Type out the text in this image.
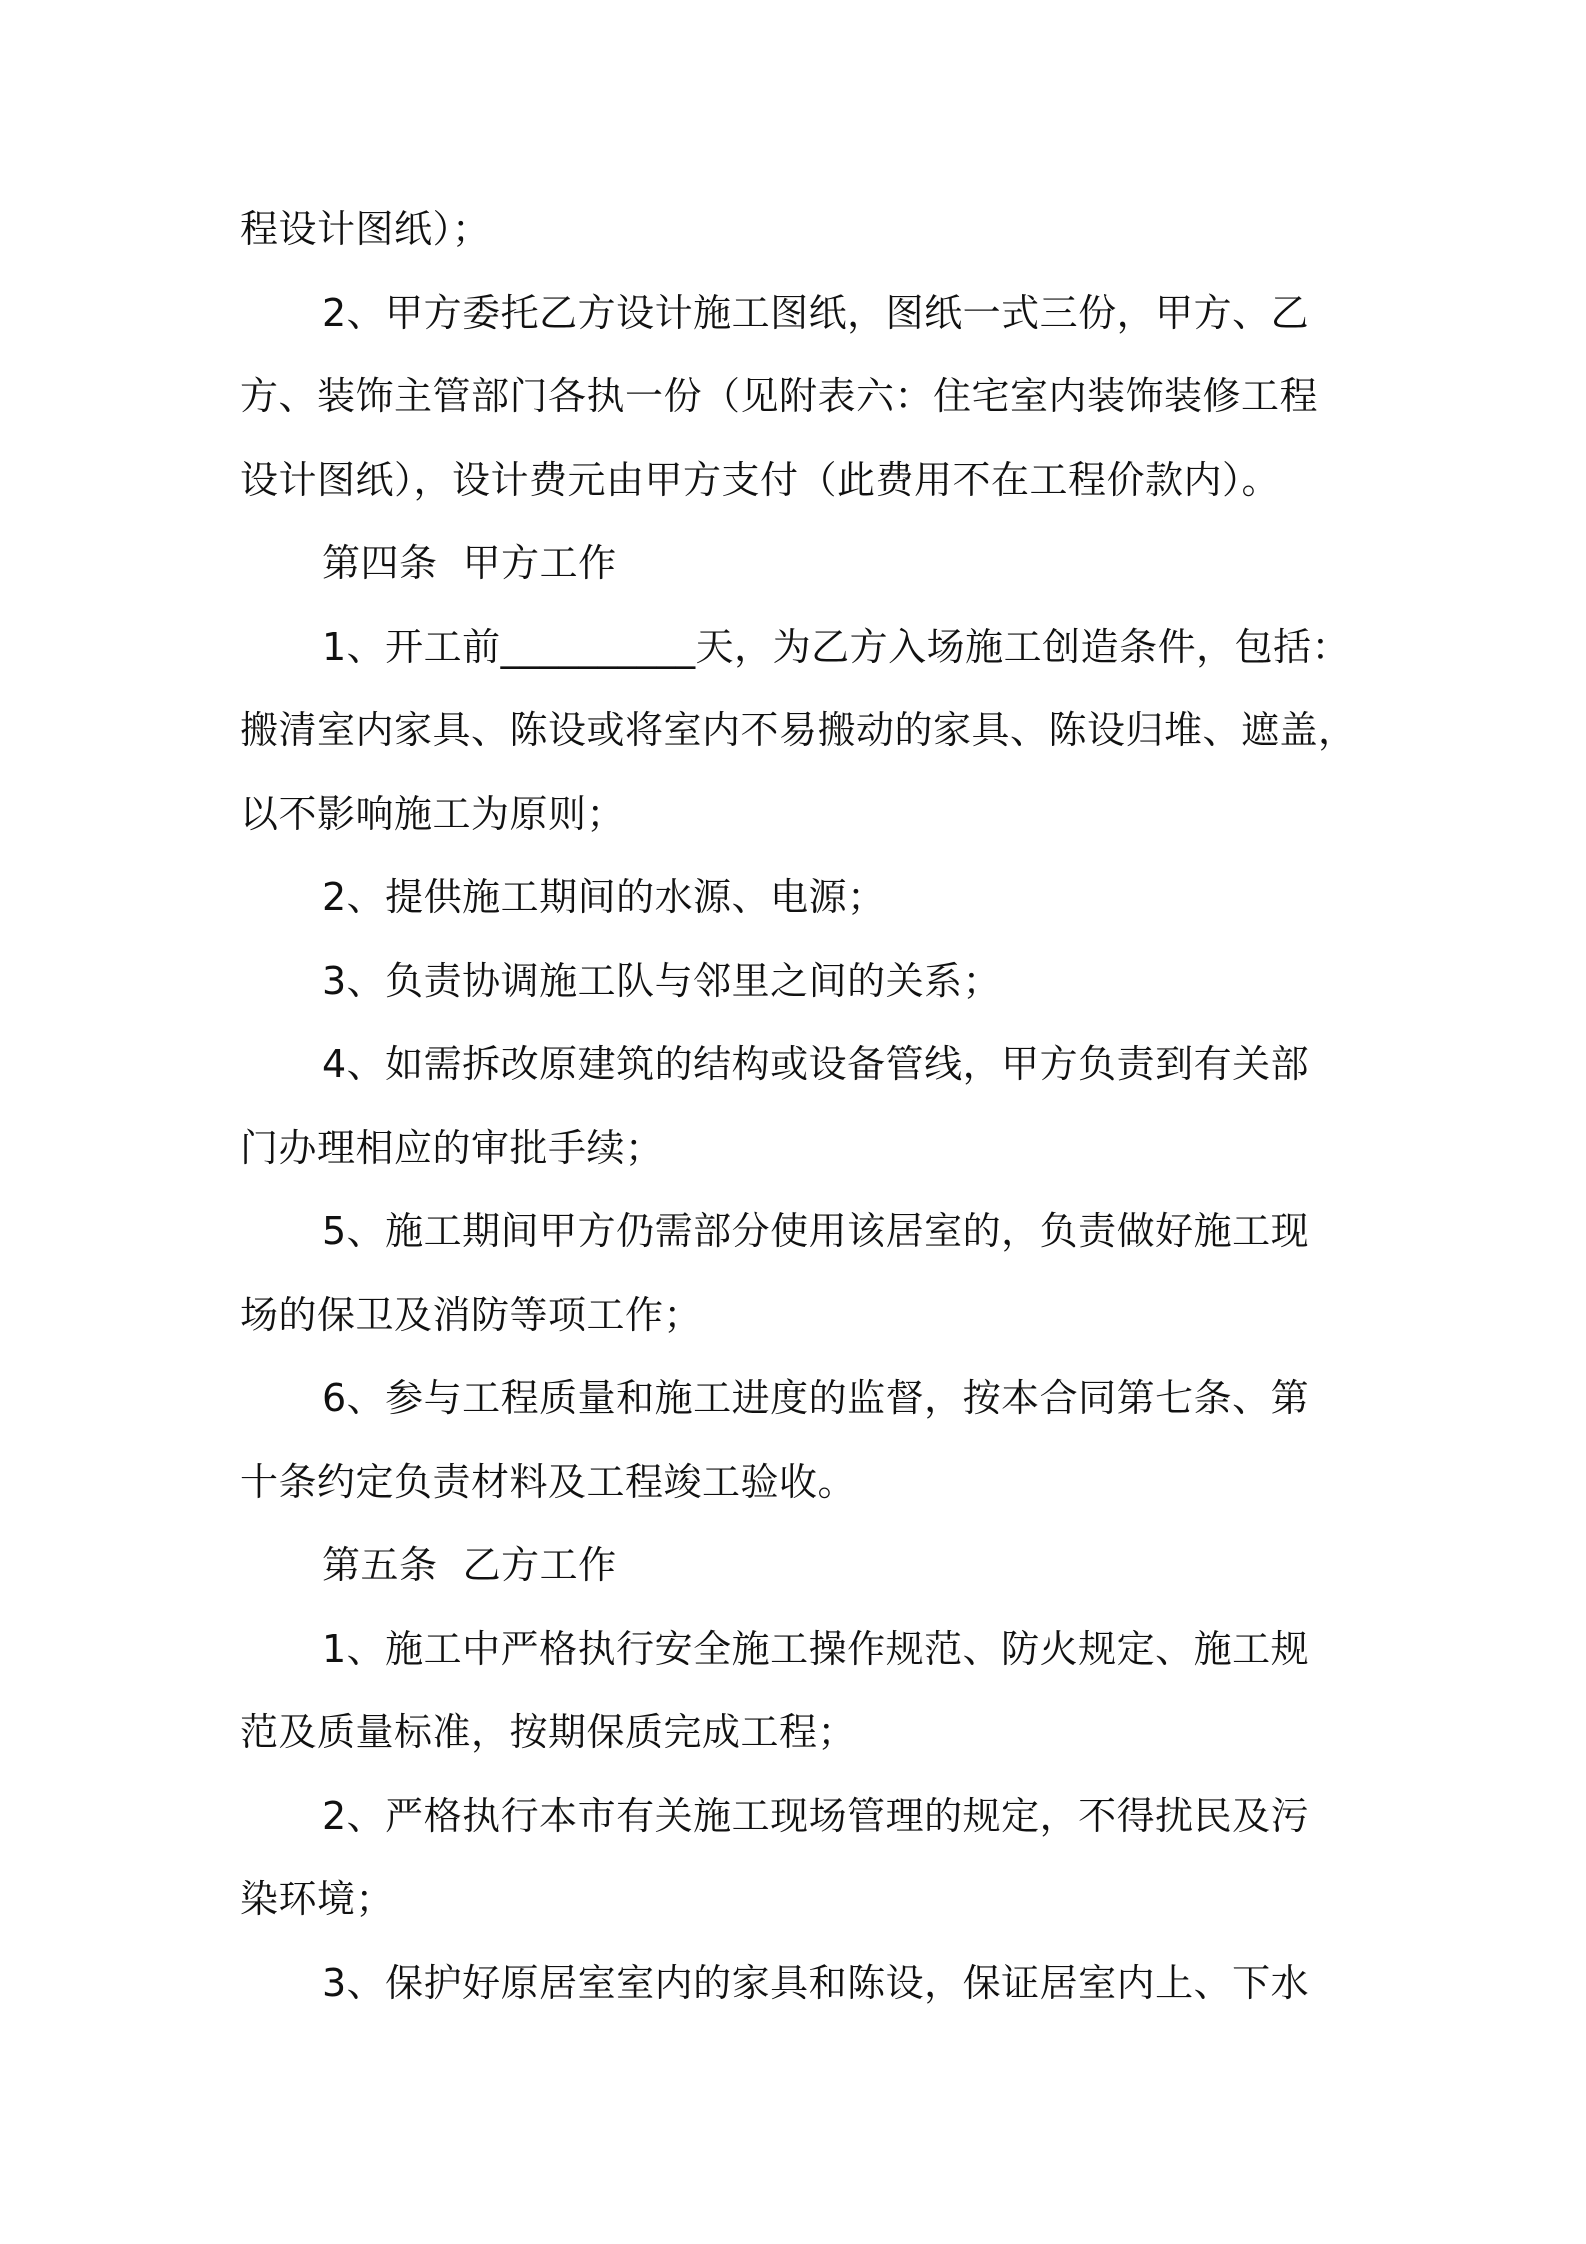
程设计图纸）；
2、甲方委托乙方设计施工图纸，图纸一式三份，甲方、乙
方、装饰主管部门各执一份（见附表六：住宅室内装饰装修工程
设计图纸），设计费元由甲方支付（此费用不在工程价款内）。
第四条  甲方工作
1、开工前__________天，为乙方入场施工创造条件，包括：
搬清室内家具、陈设或将室内不易搬动的家具、陈设归堆、遮盖，
以不影响施工为原则；
2、提供施工期间的水源、电源；
3、负责协调施工队与邻里之间的关系；
4、如需拆改原建筑的结构或设备管线，甲方负责到有关部
门办理相应的审批手续；
5、施工期间甲方仍需部分使用该居室的，负责做好施工现
场的保卫及消防等项工作；
6、参与工程质量和施工进度的监督，按本合同第七条、第
十条约定负责材料及工程竣工验收。
第五条  乙方工作
1、施工中严格执行安全施工操作规范、防火规定、施工规
范及质量标准，按期保质完成工程；
2、严格执行本市有关施工现场管理的规定，不得扰民及污
染环境；
3、保护好原居室室内的家具和陈设，保证居室内上、下水
